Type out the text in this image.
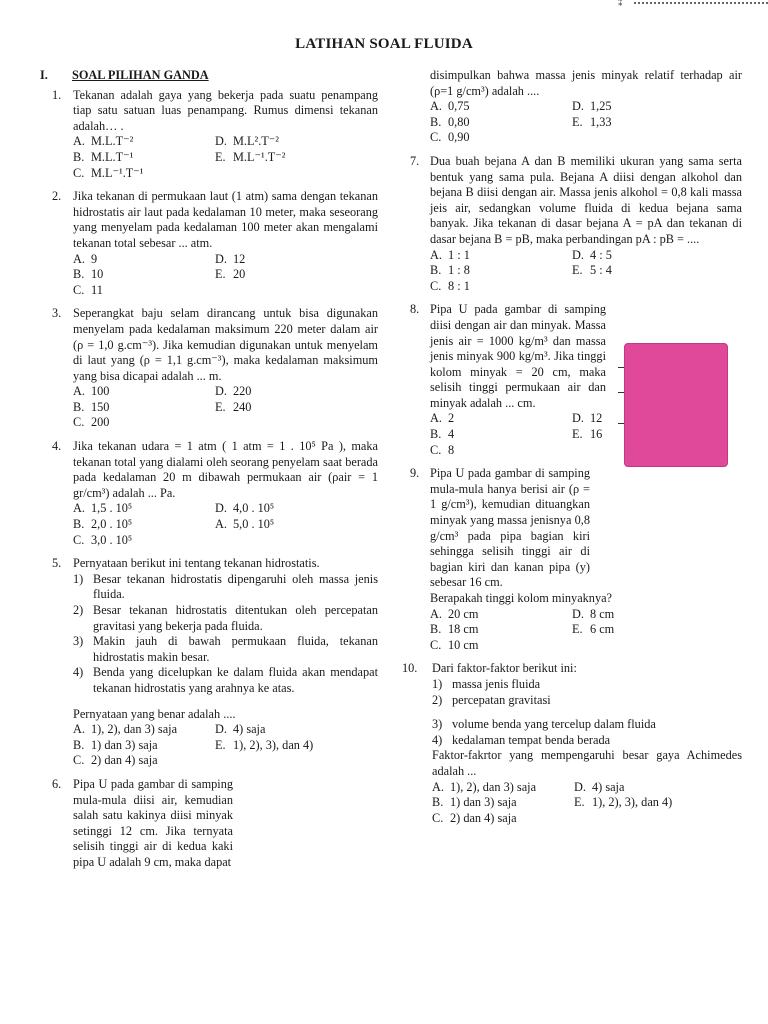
⁑
LATIHAN SOAL FLUIDA
I.	SOAL PILIHAN GANDA
1. Tekanan adalah gaya yang bekerja pada suatu penampang tiap satu satuan luas penampang. Rumus dimensi tekanan adalah… .
A. M.L.T⁻²	D. M.L².T⁻²
B. M.L.T⁻¹	E. M.L⁻¹.T⁻²
C. M.L⁻¹.T⁻¹
2. Jika tekanan di permukaan laut (1 atm) sama dengan tekanan hidrostatis air laut pada kedalaman 10 meter, maka seseorang yang menyelam pada kedalaman 100 meter akan mengalami tekanan total sebesar ... atm.
A. 9	D. 12
B. 10	E. 20
C. 11
3. Seperangkat baju selam dirancang untuk bisa digunakan menyelam pada kedalaman maksimum 220 meter dalam air (ρ = 1,0 g.cm⁻³). Jika kemudian digunakan untuk menyelam di laut yang (ρ = 1,1 g.cm⁻³), maka kedalaman maksimum yang bisa dicapai adalah ... m.
A. 100	D. 220
B. 150	E. 240
C. 200
4. Jika tekanan udara = 1 atm ( 1 atm = 1 . 10⁵ Pa ), maka tekanan total yang dialami oleh seorang penyelam saat berada pada kedalaman 20 m dibawah permukaan air (ρair = 1 gr/cm³) adalah ... Pa.
A. 1,5 . 10⁵	D. 4,0 . 10⁵
B. 2,0 . 10⁵	A. 5,0 . 10⁵
C. 3,0 . 10⁵
5. Pernyataan berikut ini tentang tekanan hidrostatis.
1) Besar tekanan hidrostatis dipengaruhi oleh massa jenis fluida.
2) Besar tekanan hidrostatis ditentukan oleh percepatan gravitasi yang bekerja pada fluida.
3) Makin jauh di bawah permukaan fluida, tekanan hidrostatis makin besar.
4) Benda yang dicelupkan ke dalam fluida akan mendapat tekanan hidrostatis yang arahnya ke atas.
Pernyataan yang benar adalah ....
A. 1), 2), dan 3) saja	D. 4) saja
B. 1) dan 3) saja	E. 1), 2), 3), dan 4)
C. 2) dan 4) saja
6. Pipa U pada gambar di samping mula-mula diisi air, kemudian salah satu kakinya diisi minyak setinggi 12 cm. Jika ternyata selisih tinggi air di kedua kaki pipa U adalah 9 cm, maka dapat
disimpulkan bahwa massa jenis minyak relatif terhadap air (ρ=1 g/cm³) adalah ....
A. 0,75	D. 1,25
B. 0,80	E. 1,33
C. 0,90
7. Dua buah bejana A dan B memiliki ukuran yang sama serta bentuk yang sama pula. Bejana A diisi dengan alkohol dan bejana B diisi dengan air. Massa jenis alkohol = 0,8 kali massa jeis air, sedangkan volume fluida di kedua bejana sama banyak. Jika tekanan di dasar bejana A = pA dan tekanan di dasar bejana B = pB, maka perbandingan pA : pB = ....
A. 1 : 1	D. 4 : 5
B. 1 : 8	E. 5 : 4
C. 8 : 1
8. Pipa U pada gambar di samping diisi dengan air dan minyak. Massa jenis air = 1000 kg/m³ dan massa jenis minyak 900 kg/m³. Jika tinggi kolom minyak = 20 cm, maka selisih tinggi permukaan air dan minyak adalah ... cm.
A. 2	D. 12
B. 4	E. 16
C. 8
9. Pipa U pada gambar di samping mula-mula hanya berisi air (ρ = 1 g/cm³), kemudian dituangkan minyak yang massa jenisnya 0,8 g/cm³ pada pipa bagian kiri sehingga selisih tinggi air di bagian kiri dan kanan pipa (y) sebesar 16 cm.
Berapakah tinggi kolom minyaknya?
A. 20 cm	D. 8 cm
B. 18 cm	E. 6 cm
C. 10 cm
10. Dari faktor-faktor berikut ini:
1) massa jenis fluida
2) percepatan gravitasi
3) volume benda yang tercelup dalam fluida
4) kedalaman tempat benda berada
Faktor-fakrtor yang mempengaruhi besar gaya Achimedes adalah ...
A. 1), 2), dan 3) saja	D. 4) saja
B. 1) dan 3) saja	E. 1), 2), 3), dan 4)
C. 2) dan 4) saja
